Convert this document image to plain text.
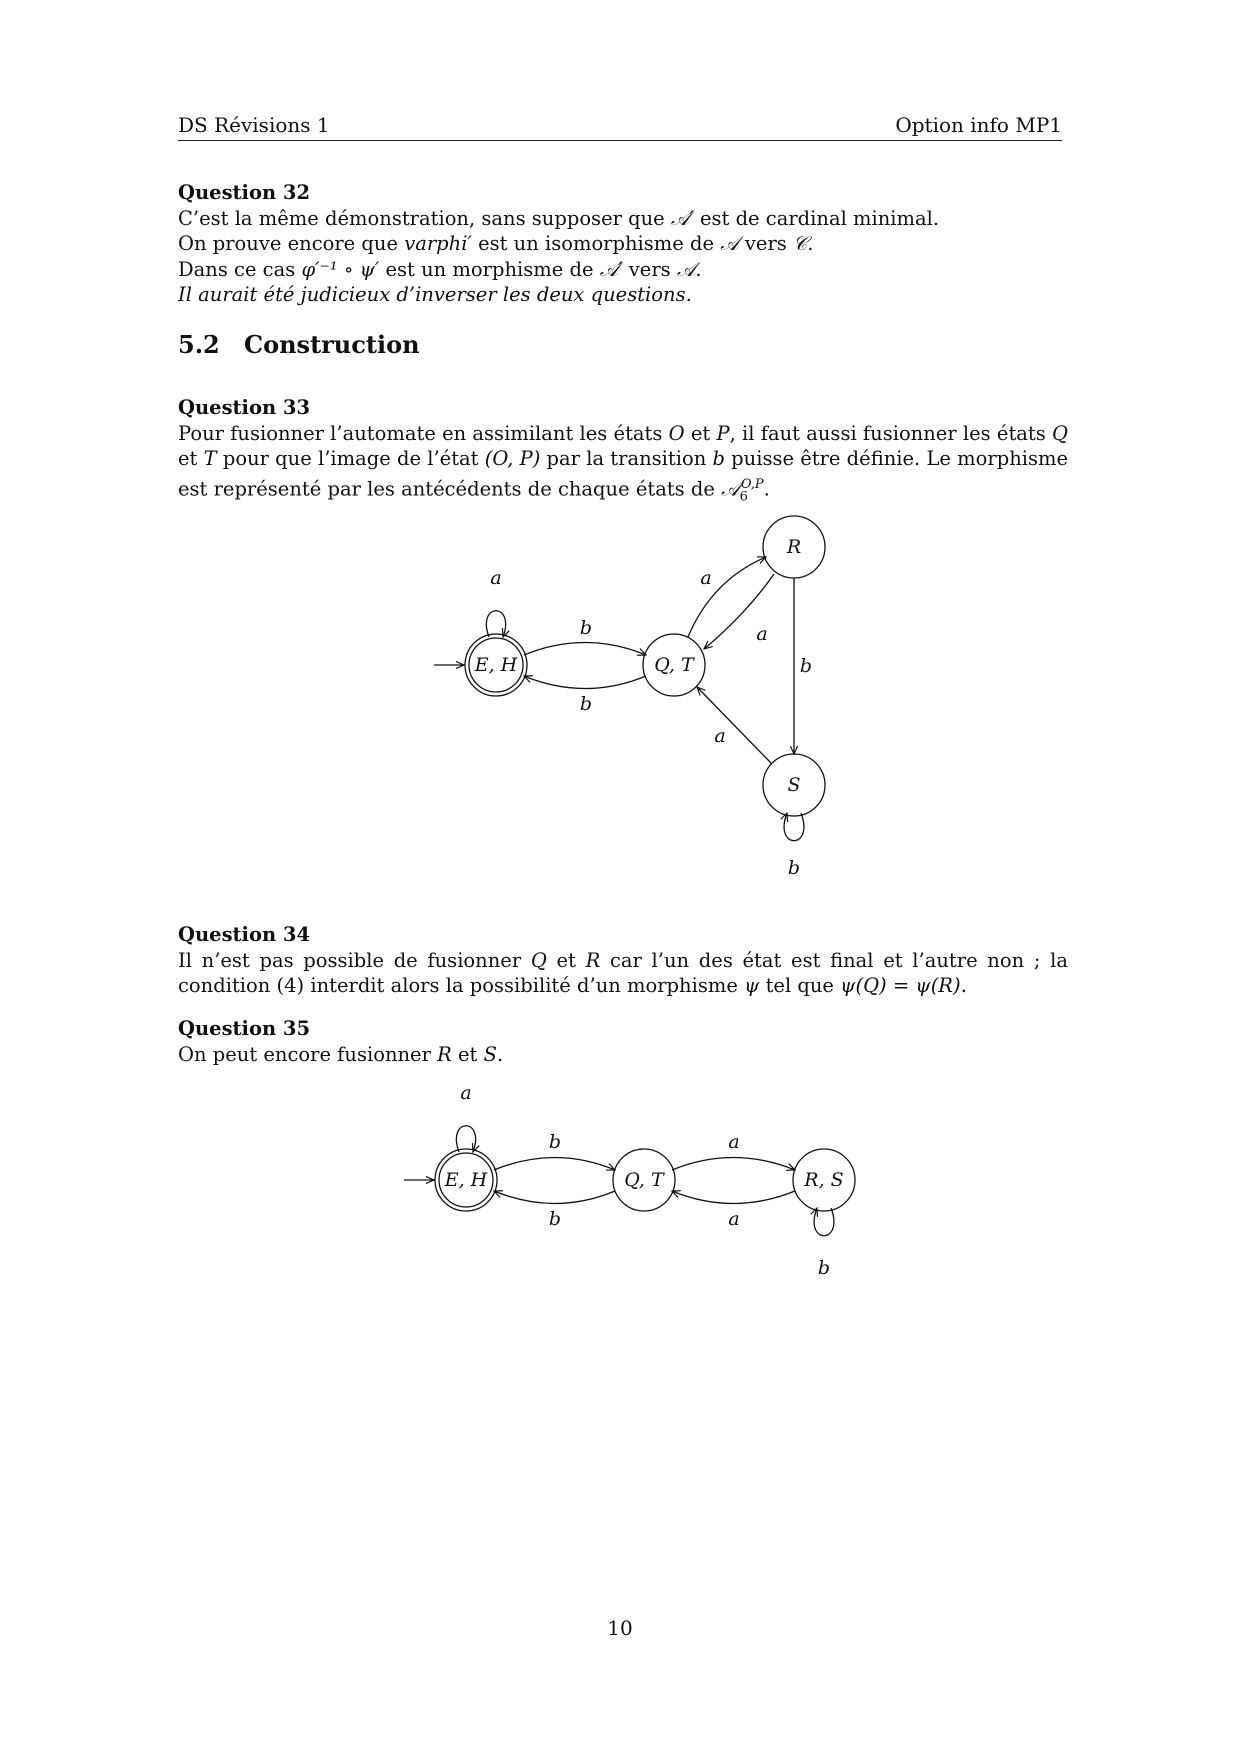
DS Révisions 1	Option info MP1
Question 32
C’est la même démonstration, sans supposer que 𝒜′ est de cardinal minimal.
On prouve encore que varphi′ est un isomorphisme de 𝒜 vers 𝒞.
Dans ce cas φ′⁻¹ ∘ ψ′ est un morphisme de 𝒜′ vers 𝒜.
Il aurait été judicieux d’inverser les deux questions.
5.2 Construction
Question 33
Pour fusionner l’automate en assimilant les états O et P, il faut aussi fusionner les états Q et T pour que l’image de l’état (O, P) par la transition b puisse être définie. Le morphisme est représenté par les antécédents de chaque états de 𝒜$_6^{O,P}$.
E, H	Q, T
R
S
a
b
b
a
a
b
a
b
Question 34
Il n’est pas possible de fusionner Q et R car l’un des état est final et l’autre non ; la condition (4) interdit alors la possibilité d’un morphisme ψ tel que ψ(Q) = ψ(R).
Question 35
On peut encore fusionner R et S.
E, H	Q, T	R, S
a
b
b
a
a
b
10
